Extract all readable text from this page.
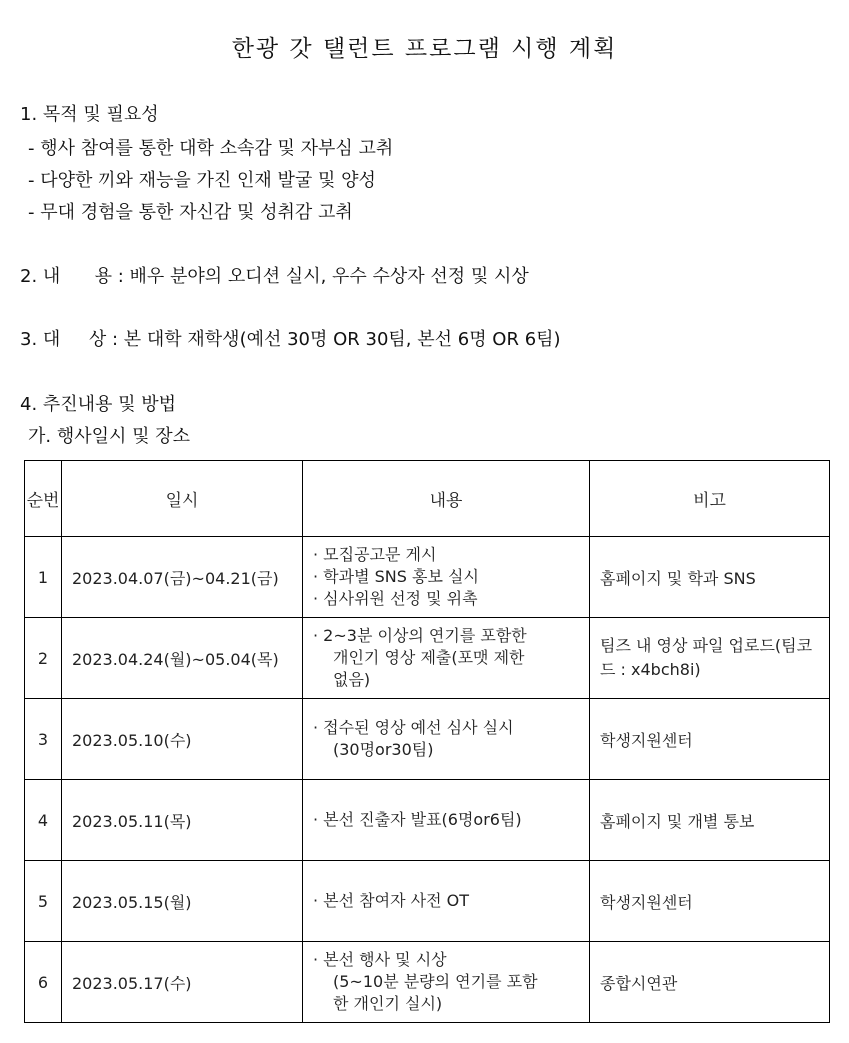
한광 갓 탤런트 프로그램 시행 계획
1. 목적 및 필요성
- 행사 참여를 통한 대학 소속감 및 자부심 고취
- 다양한 끼와 재능을 가진 인재 발굴 및 양성
- 무대 경험을 통한 자신감 및 성취감 고취
2. 내      용 : 배우 분야의 오디션 실시, 우수 수상자 선정 및 시상
3. 대     상 : 본 대학 재학생(예선 30명 OR 30팀, 본선 6명 OR 6팀)
4. 추진내용 및 방법
가. 행사일시 및 장소
순번	일시	내용	비고
1	2023.04.07(금)~04.21(금)	· 모집공고문 게시
· 학과별 SNS 홍보 실시
· 심사위원 선정 및 위촉	홈페이지 및 학과 SNS
2	2023.04.24(월)~05.04(목)	· 2~3분 이상의 연기를 포함한
개인기 영상 제출(포맷 제한
없음)	팀즈 내 영상 파일 업로드(팀코드 : x4bch8i)
3	2023.05.10(수)	· 접수된 영상 예선 심사 실시
(30명or30팀)	학생지원센터
4	2023.05.11(목)	· 본선 진출자 발표(6명or6팀)	홈페이지 및 개별 통보
5	2023.05.15(월)	· 본선 참여자 사전 OT	학생지원센터
6	2023.05.17(수)	· 본선 행사 및 시상
(5~10분 분량의 연기를 포함
한 개인기 실시)	종합시연관
